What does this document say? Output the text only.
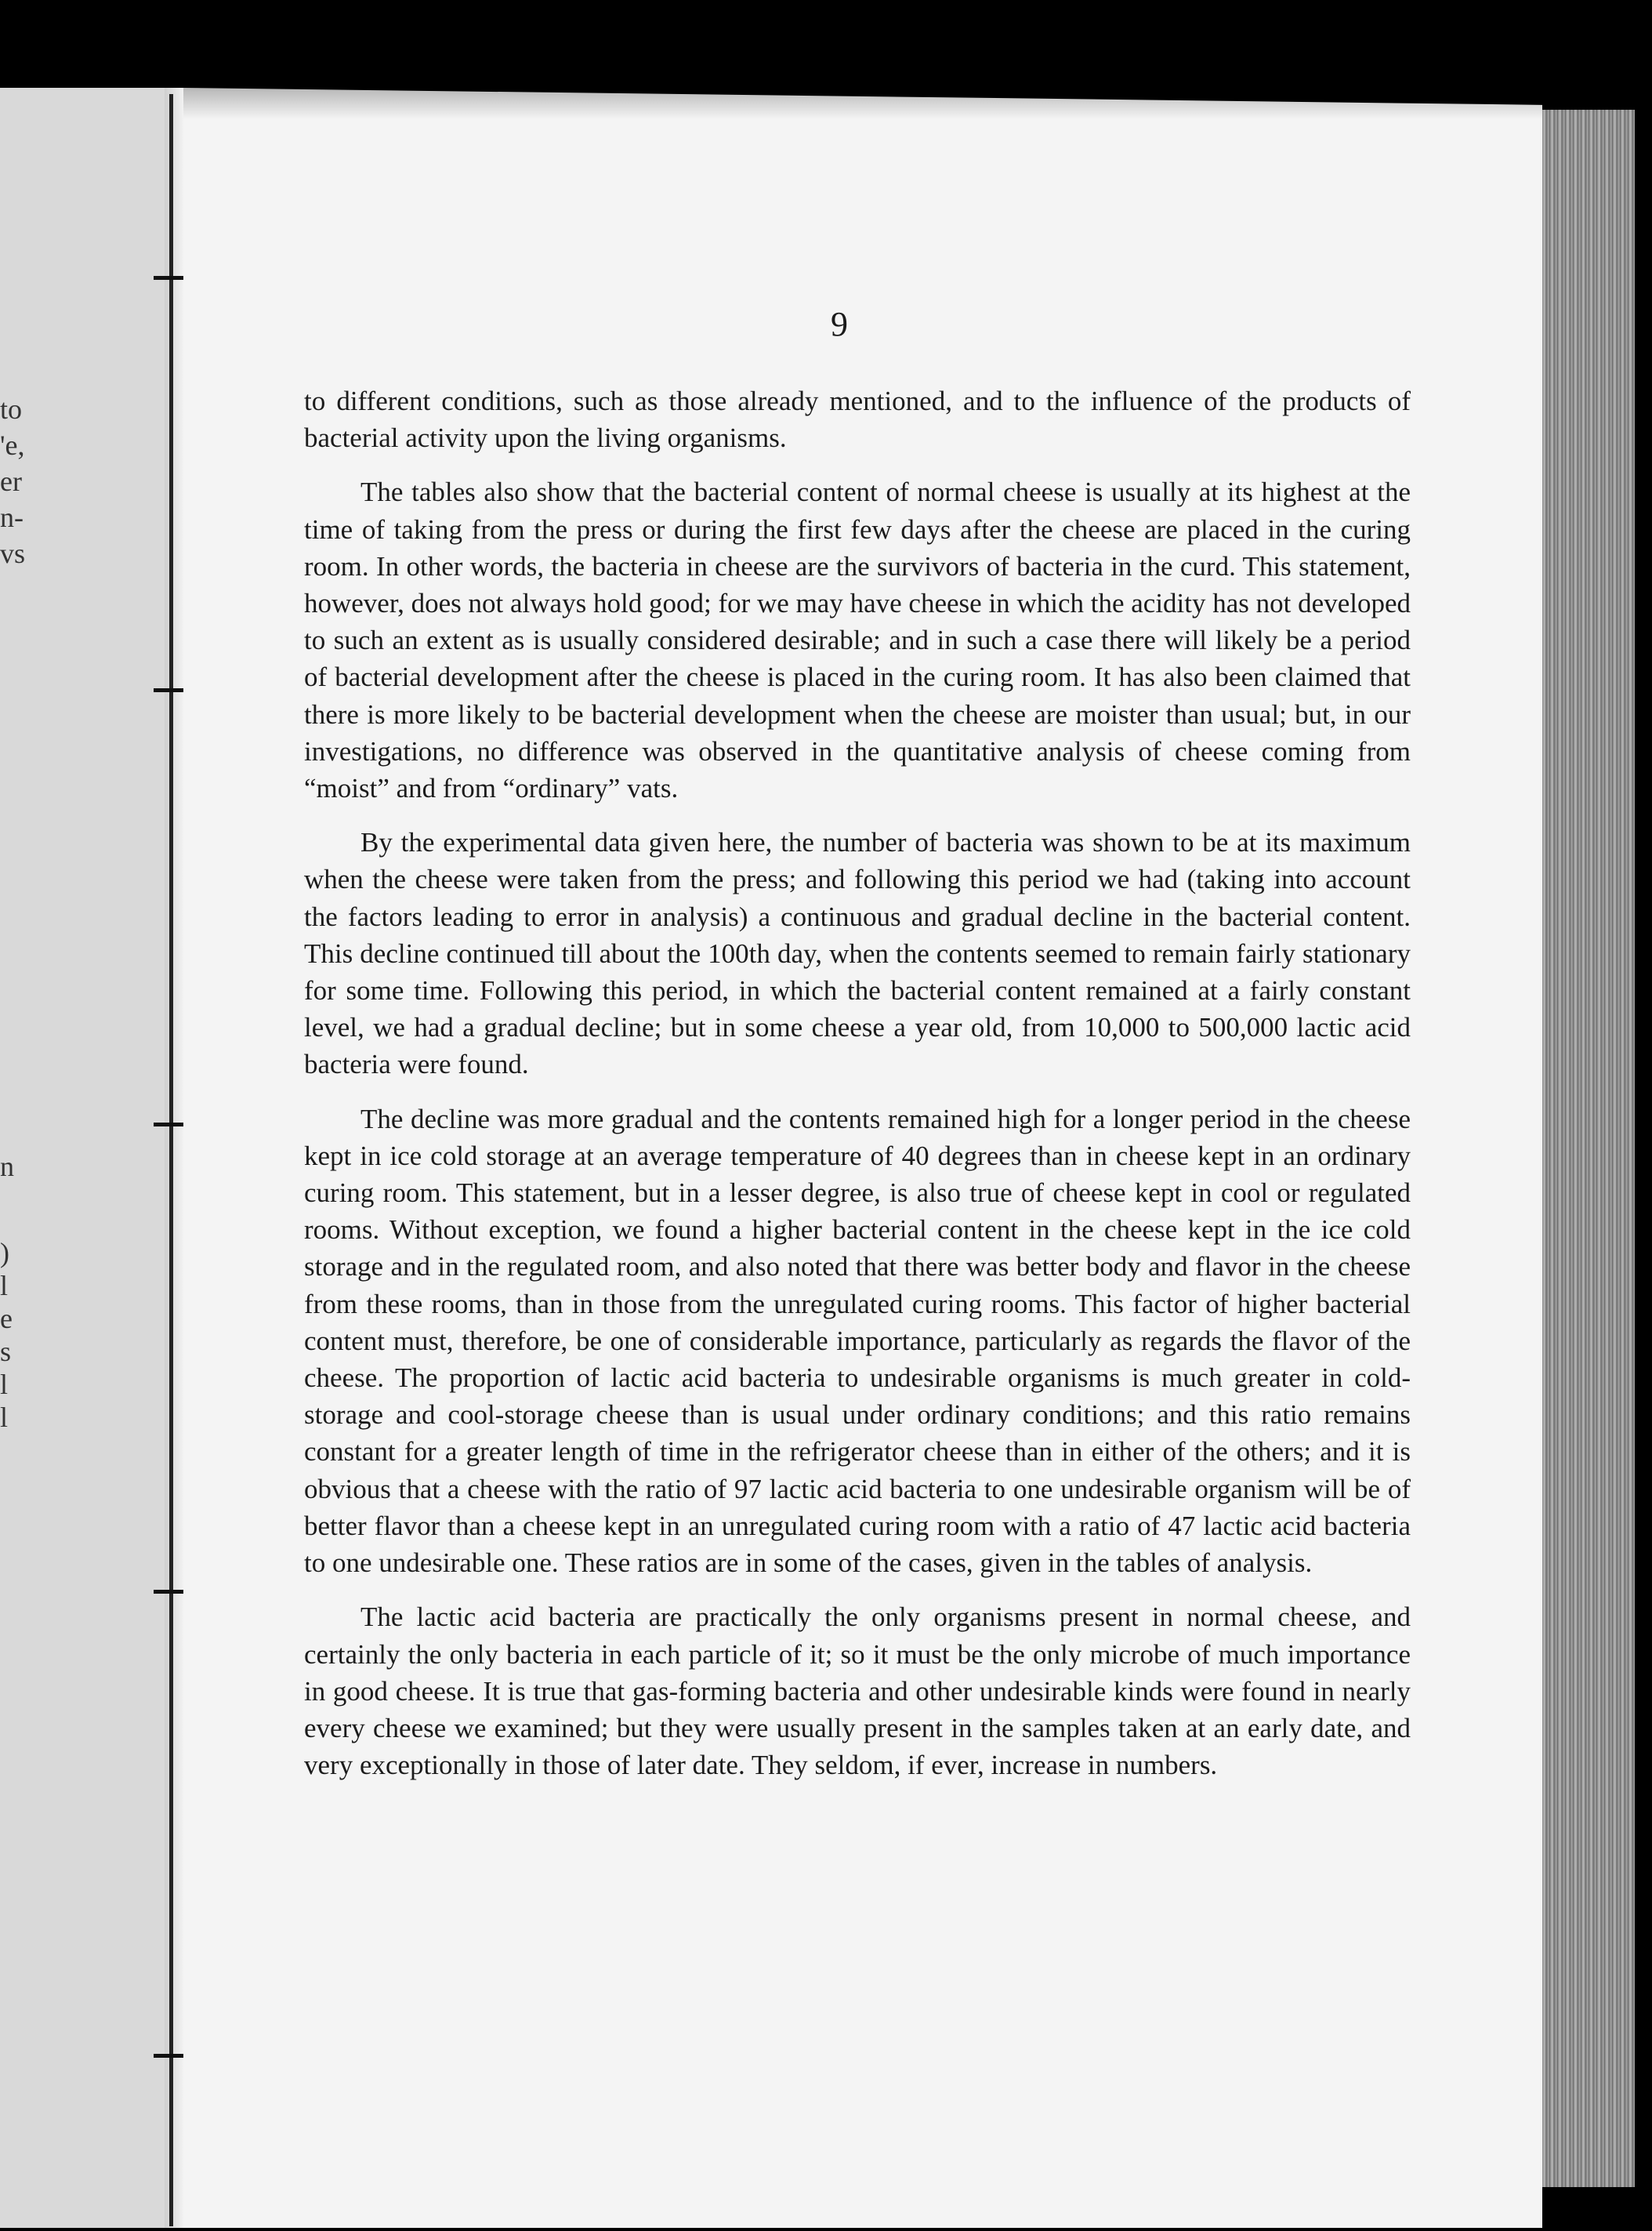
to
'e,
er
n-
vs
n
)
l
e
s
l
l
9

to different conditions, such as those already mentioned, and to the influence of the products of bacterial activity upon the living organisms.

The tables also show that the bacterial content of normal cheese is usually at its highest at the time of taking from the press or during the first few days after the cheese are placed in the curing room. In other words, the bacteria in cheese are the survivors of bacteria in the curd. This statement, however, does not always hold good; for we may have cheese in which the acidity has not developed to such an extent as is usually considered desirable; and in such a case there will likely be a period of bacterial development after the cheese is placed in the curing room. It has also been claimed that there is more likely to be bacterial development when the cheese are moister than usual; but, in our investigations, no difference was observed in the quantitative analysis of cheese coming from “moist” and from “ordinary” vats.

By the experimental data given here, the number of bacteria was shown to be at its maximum when the cheese were taken from the press; and following this period we had (taking into account the factors leading to error in analysis) a continuous and gradual decline in the bacterial content. This decline continued till about the 100th day, when the contents seemed to remain fairly stationary for some time. Following this period, in which the bacterial content remained at a fairly constant level, we had a gradual decline; but in some cheese a year old, from 10,000 to 500,000 lactic acid bacteria were found.

The decline was more gradual and the contents remained high for a longer period in the cheese kept in ice cold storage at an average temperature of 40 degrees than in cheese kept in an ordinary curing room. This statement, but in a lesser degree, is also true of cheese kept in cool or regulated rooms. Without exception, we found a higher bacterial content in the cheese kept in the ice cold storage and in the regulated room, and also noted that there was better body and flavor in the cheese from these rooms, than in those from the unregulated curing rooms. This factor of higher bacterial content must, therefore, be one of considerable importance, particularly as regards the flavor of the cheese. The proportion of lactic acid bacteria to undesirable organisms is much greater in cold-storage and cool-storage cheese than is usual under ordinary conditions; and this ratio remains constant for a greater length of time in the refrigerator cheese than in either of the others; and it is obvious that a cheese with the ratio of 97 lactic acid bacteria to one undesirable organism will be of better flavor than a cheese kept in an unregulated curing room with a ratio of 47 lactic acid bacteria to one undesirable one. These ratios are in some of the cases, given in the tables of analysis.

The lactic acid bacteria are practically the only organisms present in normal cheese, and certainly the only bacteria in each particle of it; so it must be the only microbe of much importance in good cheese. It is true that gas-forming bacteria and other undesirable kinds were found in nearly every cheese we examined; but they were usually present in the samples taken at an early date, and very exceptionally in those of later date. They seldom, if ever, increase in numbers.
